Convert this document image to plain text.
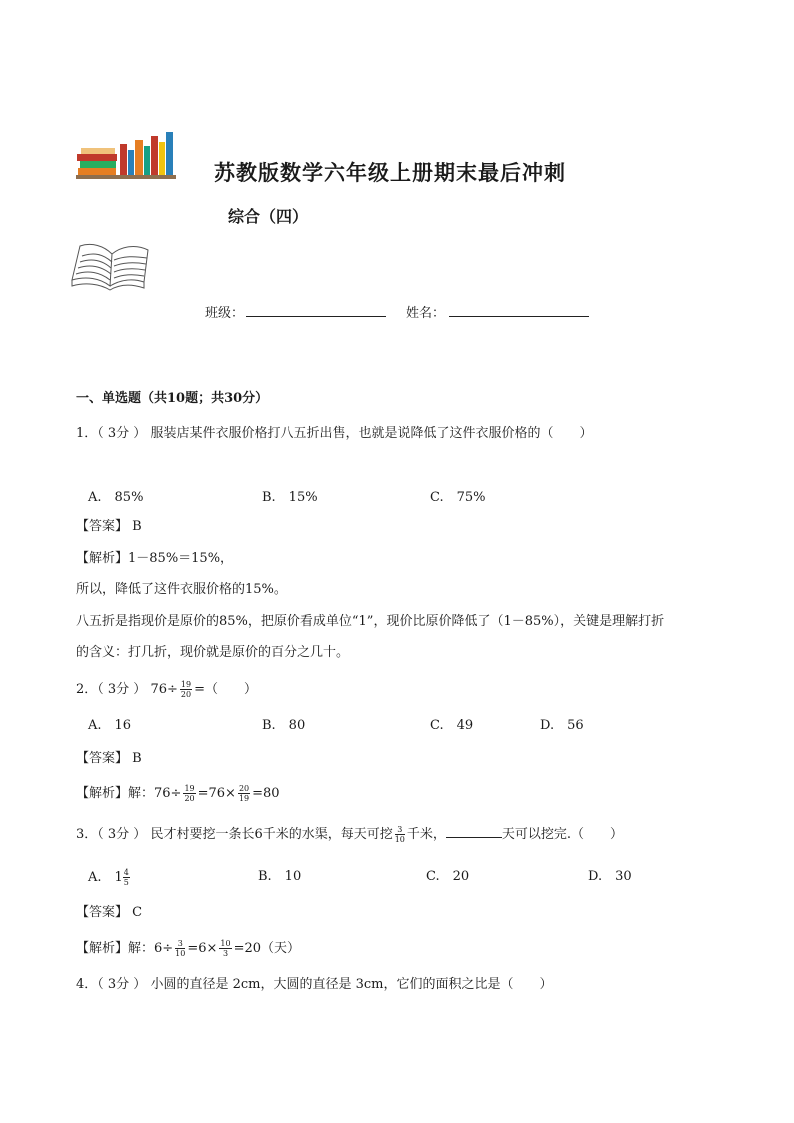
苏教版数学六年级上册期末最后冲刺
综合（四）
班级：	姓名：
一、单选题（共10题；共30分）
1．（ 3分 ） 服装店某件衣服价格打八五折出售，也就是说降低了这件衣服价格的（　　）
A.　85%	B.　15%	C.　75%
【答案】 B
【解析】1－85%＝15%，
所以，降低了这件衣服价格的15%。
八五折是指现价是原价的85%，把原价看成单位“1”，现价比原价降低了（1－85%），关键是理解打折
的含义：打几折，现价就是原价的百分之几十。
2．（ 3分 ） $76\div \frac{19}{20}$ =（　　）
A.　16	B.　80	C.　49	D.　56
【答案】 B
【解析】解：$76\div \frac{19}{20} =76\times \frac{20}{19} =80$
3．（ 3分 ） 民才村要挖一条长6千米的水渠，每天可挖 $\frac{3}{10}$ 千米，	天可以挖完.（　　）
A.　$1 \frac{4}{5}$	B.　10	C.　20	D.　30
【答案】 C
【解析】解：$6\div \frac{3}{10} =6\times \frac{10}{3} =20$（天）
4．（ 3分 ） 小圆的直径是 2cm，大圆的直径是 3cm，它们的面积之比是（　　）
